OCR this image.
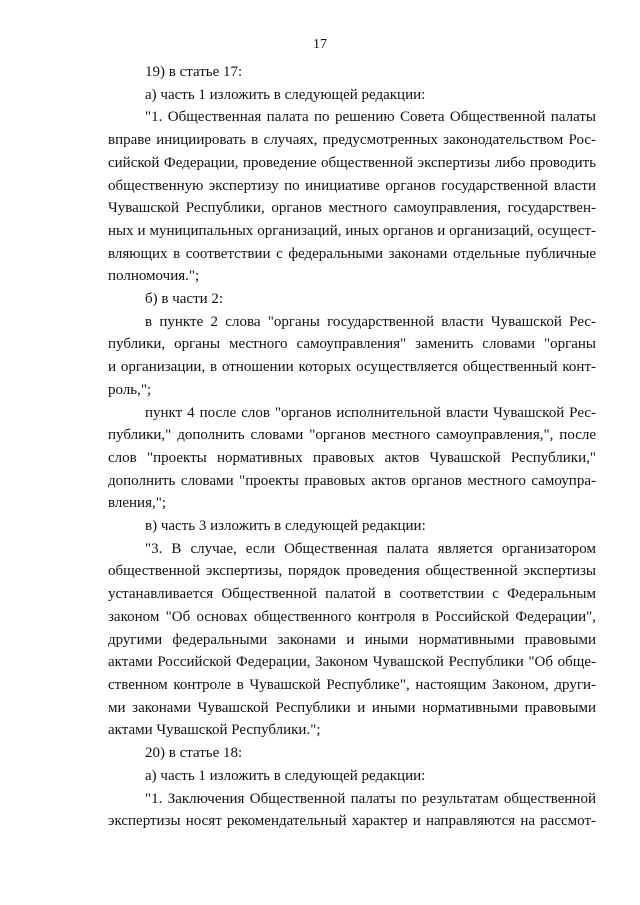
17
19) в статье 17:
а) часть 1 изложить в следующей редакции:
"1. Общественная палата по решению Совета Общественной палаты
вправе инициировать в случаях, предусмотренных законодательством Рос-
сийской Федерации, проведение общественной экспертизы либо проводить
общественную экспертизу по инициативе органов государственной власти
Чувашской Республики, органов местного самоуправления, государствен-
ных и муниципальных организаций, иных органов и организаций, осущест-
вляющих в соответствии с федеральными законами отдельные публичные
полномочия.";
б) в части 2:
в пункте 2 слова "органы государственной власти Чувашской Рес-
публики, органы местного самоуправления" заменить словами "органы
и организации, в отношении которых осуществляется общественный конт-
роль,";
пункт 4 после слов "органов исполнительной власти Чувашской Рес-
публики," дополнить словами "органов местного самоуправления,", после
слов "проекты нормативных правовых актов Чувашской Республики,"
дополнить словами "проекты правовых актов органов местного самоупра-
вления,";
в) часть 3 изложить в следующей редакции:
"3. В случае, если Общественная палата является организатором
общественной экспертизы, порядок проведения общественной экспертизы
устанавливается Общественной палатой в соответствии с Федеральным
законом "Об основах общественного контроля в Российской Федерации",
другими федеральными законами и иными нормативными правовыми
актами Российской Федерации, Законом Чувашской Республики "Об обще-
ственном контроле в Чувашской Республике", настоящим Законом, други-
ми законами Чувашской Республики и иными нормативными правовыми
актами Чувашской Республики.";
20) в статье 18:
а) часть 1 изложить в следующей редакции:
"1. Заключения Общественной палаты по результатам общественной
экспертизы носят рекомендательный характер и направляются на рассмот-
